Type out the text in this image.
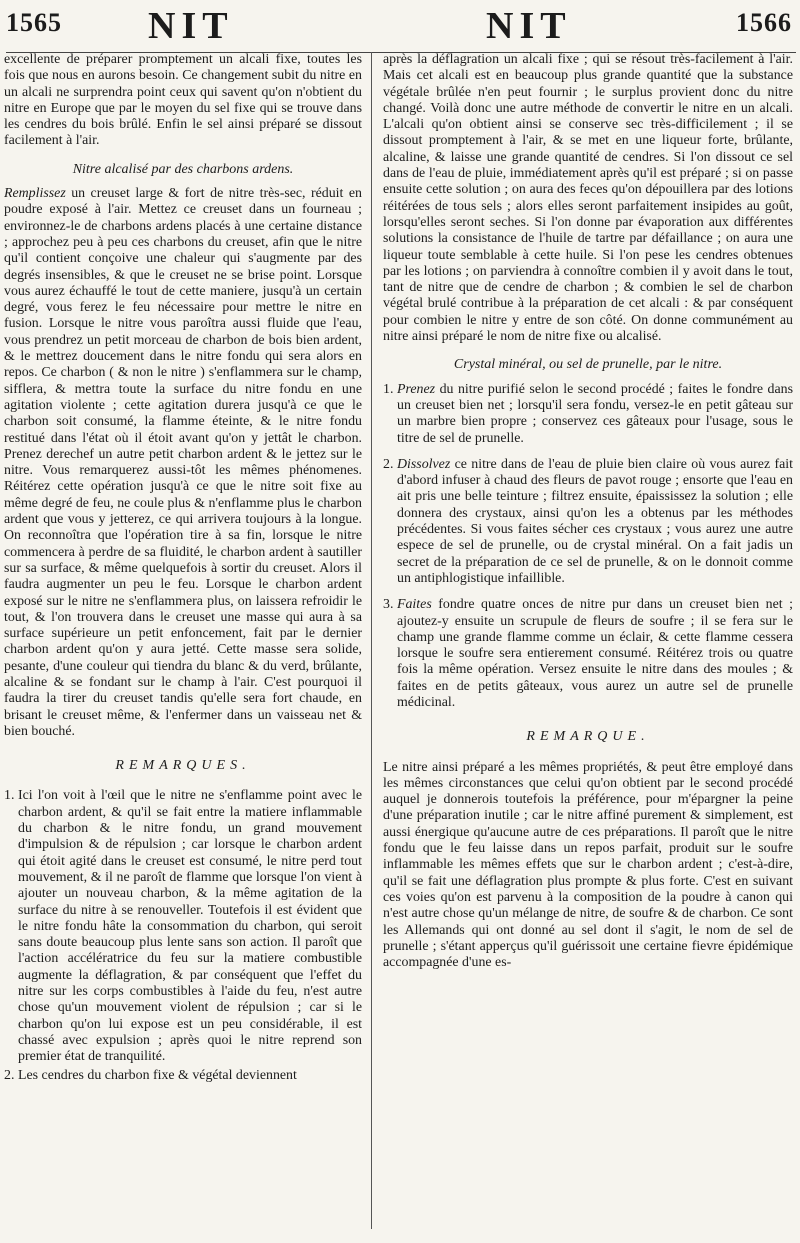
1565 NIT	NIT	1566

excellente de préparer promptement un alcali fixe, toutes les fois que nous en aurons besoin. Ce changement subit du nitre en un alcali ne surprendra point ceux qui savent qu'on n'obtient du nitre en Europe que par le moyen du sel fixe qui se trouve dans les cendres du bois brûlé. Enfin le sel ainsi préparé se dissout facilement à l'air.

Nitre alcalisé par des charbons ardens.

Remplissez un creuset large & fort de nitre très-sec, réduit en poudre exposé à l'air. Mettez ce creuset dans un fourneau ; environnez-le de charbons ardens placés à une certaine distance ; approchez peu à peu ces charbons du creuset, afin que le nitre qu'il contient conçoive une chaleur qui s'augmente par des degrés insensibles, & que le creuset ne se brise point. Lorsque vous aurez échauffé le tout de cette maniere, jusqu'à un certain degré, vous ferez le feu nécessaire pour mettre le nitre en fusion. Lorsque le nitre vous paroîtra aussi fluide que l'eau, vous prendrez un petit morceau de charbon de bois bien ardent, & le mettrez doucement dans le nitre fondu qui sera alors en repos. Ce charbon ( & non le nitre ) s'enflammera sur le champ, sifflera, & mettra toute la surface du nitre fondu en une agitation violente ; cette agitation durera jusqu'à ce que le charbon soit consumé, la flamme éteinte, & le nitre fondu restitué dans l'état où il étoit avant qu'on y jettât le charbon. Prenez derechef un autre petit charbon ardent & le jettez sur le nitre. Vous remarquerez aussi-tôt les mêmes phénomenes. Réitérez cette opération jusqu'à ce que le nitre soit fixe au même degré de feu, ne coule plus & n'enflamme plus le charbon ardent que vous y jetterez, ce qui arrivera toujours à la longue. On reconnoîtra que l'opération tire à sa fin, lorsque le nitre commencera à perdre de sa fluidité, le charbon ardent à sautiller sur sa surface, & même quelquefois à sortir du creuset. Alors il faudra augmenter un peu le feu. Lorsque le charbon ardent exposé sur le nitre ne s'enflammera plus, on laissera refroidir le tout, & l'on trouvera dans le creuset une masse qui aura à sa surface supérieure un petit enfoncement, fait par le dernier charbon ardent qu'on y aura jetté. Cette masse sera solide, pesante, d'une couleur qui tiendra du blanc & du verd, brûlante, alcaline & se fondant sur le champ à l'air. C'est pourquoi il faudra la tirer du creuset tandis qu'elle sera fort chaude, en brisant le creuset même, & l'enfermer dans un vaisseau net & bien bouché.

REMARQUES.

1. Ici l'on voit à l'œil que le nitre ne s'enflamme point avec le charbon ardent, & qu'il se fait entre la matiere inflammable du charbon & le nitre fondu, un grand mouvement d'impulsion & de répulsion ; car lorsque le charbon ardent qui étoit agité dans le creuset est consumé, le nitre perd tout mouvement, & il ne paroît de flamme que lorsque l'on vient à ajouter un nouveau charbon, & la même agitation de la surface du nitre à se renouveller. Toutefois il est évident que le nitre fondu hâte la consommation du charbon, qui seroit sans doute beaucoup plus lente sans son action. Il paroît que l'action accélératrice du feu sur la matiere combustible augmente la déflagration, & par conséquent que l'effet du nitre sur les corps combustibles à l'aide du feu, n'est autre chose qu'un mouvement violent de répulsion ; car si le charbon qu'on lui expose est un peu considérable, il est chassé avec expulsion ; après quoi le nitre reprend son premier état de tranquilité.

2. Les cendres du charbon fixe & végétal deviennent

après la déflagration un alcali fixe ; qui se résout très-facilement à l'air. Mais cet alcali est en beaucoup plus grande quantité que la substance végétale brûlée n'en peut fournir ; le surplus provient donc du nitre changé. Voilà donc une autre méthode de convertir le nitre en un alcali. L'alcali qu'on obtient ainsi se conserve sec très-difficilement ; il se dissout promptement à l'air, & se met en une liqueur forte, brûlante, alcaline, & laisse une grande quantité de cendres. Si l'on dissout ce sel dans de l'eau de pluie, immédiatement après qu'il est préparé ; si on passe ensuite cette solution ; on aura des feces qu'on dépouillera par des lotions réitérées de tous sels ; alors elles seront parfaitement insipides au goût, lorsqu'elles seront seches. Si l'on donne par évaporation aux différentes solutions la consistance de l'huile de tartre par défaillance ; on aura une liqueur toute semblable à cette huile. Si l'on pese les cendres obtenues par les lotions ; on parviendra à connoître combien il y avoit dans le tout, tant de nitre que de cendre de charbon ; & combien le sel de charbon végétal brulé contribue à la préparation de cet alcali : & par conséquent pour combien le nitre y entre de son côté. On donne communément au nitre ainsi préparé le nom de nitre fixe ou alcalisé.

Crystal minéral, ou sel de prunelle, par le nitre.

1. Prenez du nitre purifié selon le second procédé ; faites le fondre dans un creuset bien net ; lorsqu'il sera fondu, versez-le en petit gâteau sur un marbre bien propre ; conservez ces gâteaux pour l'usage, sous le titre de sel de prunelle.

2. Dissolvez ce nitre dans de l'eau de pluie bien claire où vous aurez fait d'abord infuser à chaud des fleurs de pavot rouge ; ensorte que l'eau en ait pris une belle teinture ; filtrez ensuite, épaississez la solution ; elle donnera des crystaux, ainsi qu'on les a obtenus par les méthodes précédentes. Si vous faites sécher ces crystaux ; vous aurez une autre espece de sel de prunelle, ou de crystal minéral. On a fait jadis un secret de la préparation de ce sel de prunelle, & on le donnoit comme un antiphlogistique infaillible.

3. Faites fondre quatre onces de nitre pur dans un creuset bien net ; ajoutez-y ensuite un scrupule de fleurs de soufre ; il se fera sur le champ une grande flamme comme un éclair, & cette flamme cessera lorsque le soufre sera entierement consumé. Réitérez trois ou quatre fois la même opération. Versez ensuite le nitre dans des moules ; & faites en de petits gâteaux, vous aurez un autre sel de prunelle médicinal.

REMARQUE.

Le nitre ainsi préparé a les mêmes propriétés, & peut être employé dans les mêmes circonstances que celui qu'on obtient par le second procédé auquel je donnerois toutefois la préférence, pour m'épargner la peine d'une préparation inutile ; car le nitre affiné purement & simplement, est aussi énergique qu'aucune autre de ces préparations. Il paroît que le nitre fondu que le feu laisse dans un repos parfait, produit sur le soufre inflammable les mêmes effets que sur le charbon ardent ; c'est-à-dire, qu'il se fait une déflagration plus prompte & plus forte. C'est en suivant ces voies qu'on est parvenu à la composition de la poudre à canon qui n'est autre chose qu'un mélange de nitre, de soufre & de charbon. Ce sont les Allemands qui ont donné au sel dont il s'agit, le nom de sel de prunelle ; s'étant apperçus qu'il guérissoit une certaine fievre épidémique accompagnée d'une es-
